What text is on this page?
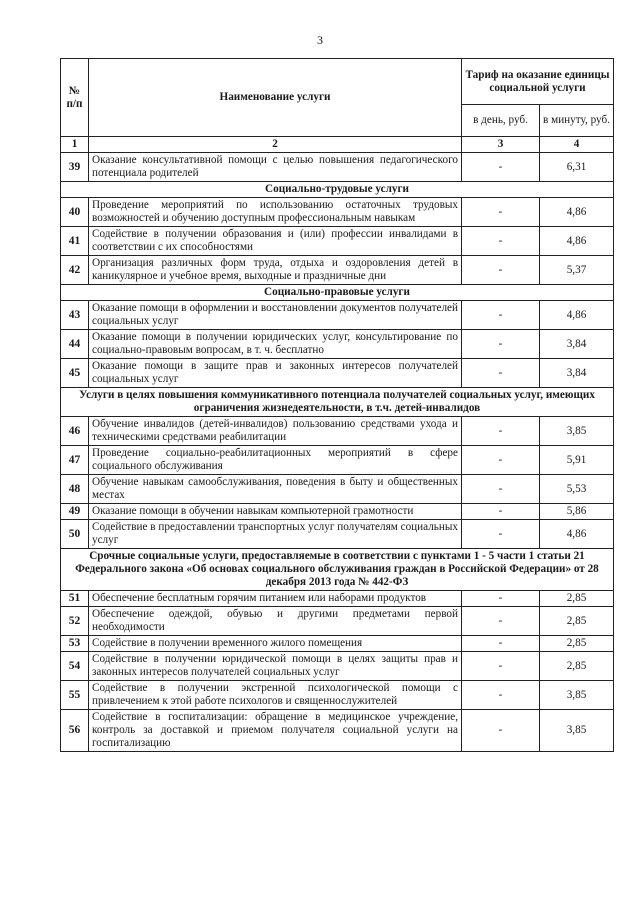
3
№ п/п	Наименование услуги	Тариф на оказание единицы социальной услуги	
		в день, руб.	в минуту, руб.
1	2	3	4
39	Оказание консультативной помощи с целью повышения педагогического потенциала родителей	-	6,31
Социально-трудовые услуги			
40	Проведение мероприятий по использованию остаточных трудовых возможностей и обучению доступным профессиональным навыкам	-	4,86
41	Содействие в получении образования и (или) профессии инвалидами в соответствии с их способностями	-	4,86
42	Организация различных форм труда, отдыха и оздоровления детей в каникулярное и учебное время, выходные и праздничные дни	-	5,37
Социально-правовые услуги			
43	Оказание помощи в оформлении и восстановлении документов получателей социальных услуг	-	4,86
44	Оказание помощи в получении юридических услуг, консультирование по социально-правовым вопросам, в т. ч. бесплатно	-	3,84
45	Оказание помощи в защите прав и законных интересов получателей социальных услуг	-	3,84
Услуги в целях повышения коммуникативного потенциала получателей социальных услуг, имеющих ограничения жизнедеятельности, в т.ч. детей-инвалидов			
46	Обучение инвалидов (детей-инвалидов) пользованию средствами ухода и техническими средствами реабилитации	-	3,85
47	Проведение социально-реабилитационных мероприятий в сфере социального обслуживания	-	5,91
48	Обучение навыкам самообслуживания, поведения в быту и общественных местах	-	5,53
49	Оказание помощи в обучении навыкам компьютерной грамотности	-	5,86
50	Содействие в предоставлении транспортных услуг получателям социальных услуг	-	4,86
Срочные социальные услуги, предоставляемые в соответствии с пунктами 1 - 5 части 1 статьи 21 Федерального закона «Об основах социального обслуживания граждан в Российской Федерации» от 28 декабря 2013 года № 442-ФЗ			
51	Обеспечение бесплатным горячим питанием или наборами продуктов	-	2,85
52	Обеспечение одеждой, обувью и другими предметами первой необходимости	-	2,85
53	Содействие в получении временного жилого помещения	-	2,85
54	Содействие в получении юридической помощи в целях защиты прав и законных интересов получателей социальных услуг	-	2,85
55	Содействие в получении экстренной психологической помощи с привлечением к этой работе психологов и священнослужителей	-	3,85
56	Содействие в госпитализации: обращение в медицинское учреждение, контроль за доставкой и приемом получателя социальной услуги на госпитализацию	-	3,85
